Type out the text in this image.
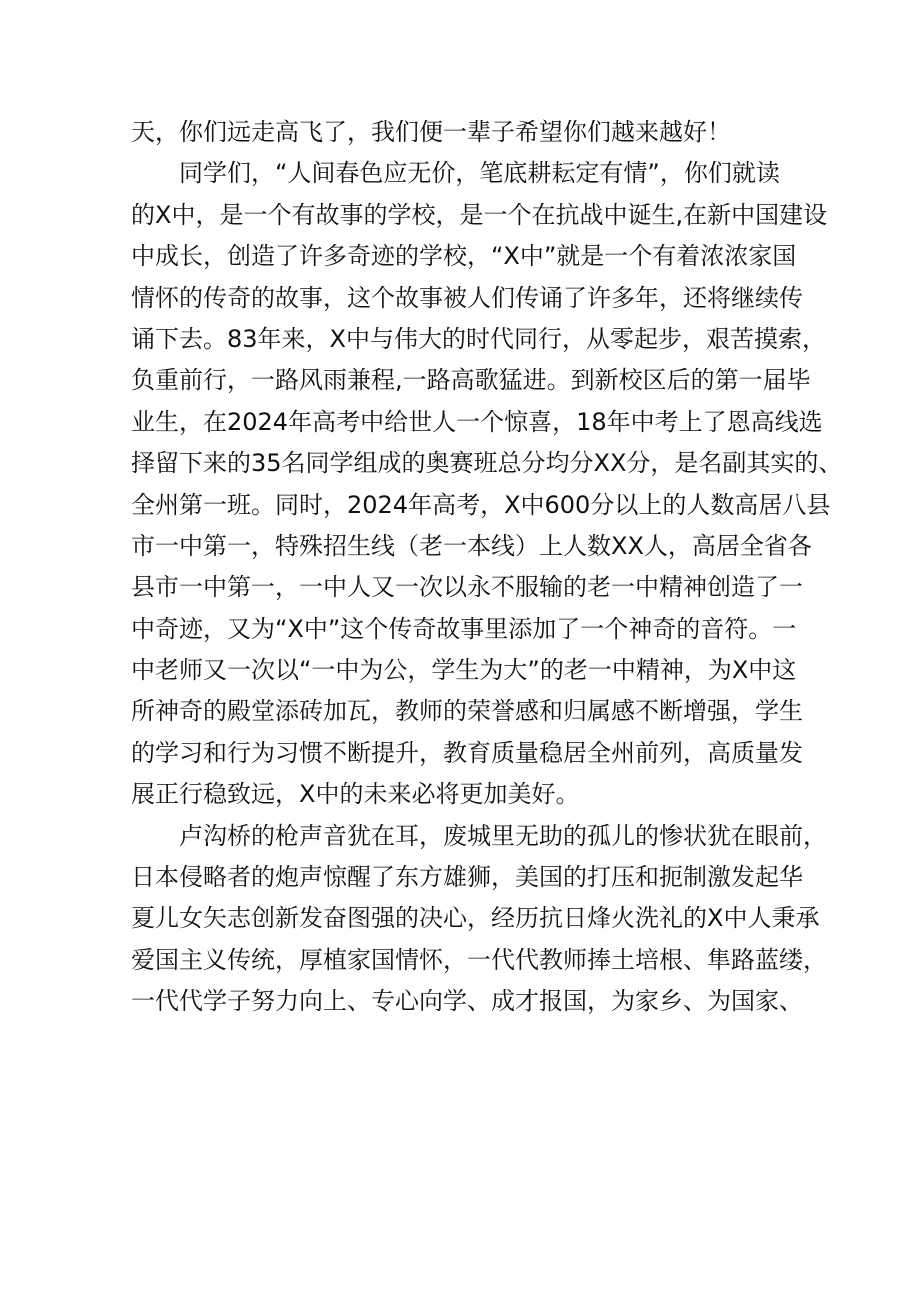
天，你们远走高飞了，我们便一辈子希望你们越来越好！
同学们，“人间春色应无价，笔底耕耘定有情”，你们就读
的X中，是一个有故事的学校，是一个在抗战中诞生,在新中国建设
中成长，创造了许多奇迹的学校，“X中”就是一个有着浓浓家国
情怀的传奇的故事，这个故事被人们传诵了许多年，还将继续传
诵下去。83年来，X中与伟大的时代同行，从零起步，艰苦摸索，
负重前行，一路风雨兼程,一路高歌猛进。到新校区后的第一届毕
业生，在2024年高考中给世人一个惊喜，18年中考上了恩高线选
择留下来的35名同学组成的奥赛班总分均分XX分，是名副其实的、
全州第一班。同时，2024年高考，X中600分以上的人数高居八县
市一中第一，特殊招生线（老一本线）上人数XX人，高居全省各
县市一中第一，一中人又一次以永不服输的老一中精神创造了一
中奇迹，又为“X中”这个传奇故事里添加了一个神奇的音符。一
中老师又一次以“一中为公，学生为大”的老一中精神，为X中这
所神奇的殿堂添砖加瓦，教师的荣誉感和归属感不断增强，学生
的学习和行为习惯不断提升，教育质量稳居全州前列，高质量发
展正行稳致远，X中的未来必将更加美好。
卢沟桥的枪声音犹在耳，废城里无助的孤儿的惨状犹在眼前，
日本侵略者的炮声惊醒了东方雄狮，美国的打压和扼制激发起华
夏儿女矢志创新发奋图强的决心，经历抗日烽火洗礼的X中人秉承
爱国主义传统，厚植家国情怀，一代代教师捧土培根、隼路蓝缕，
一代代学子努力向上、专心向学、成才报国，为家乡、为国家、
